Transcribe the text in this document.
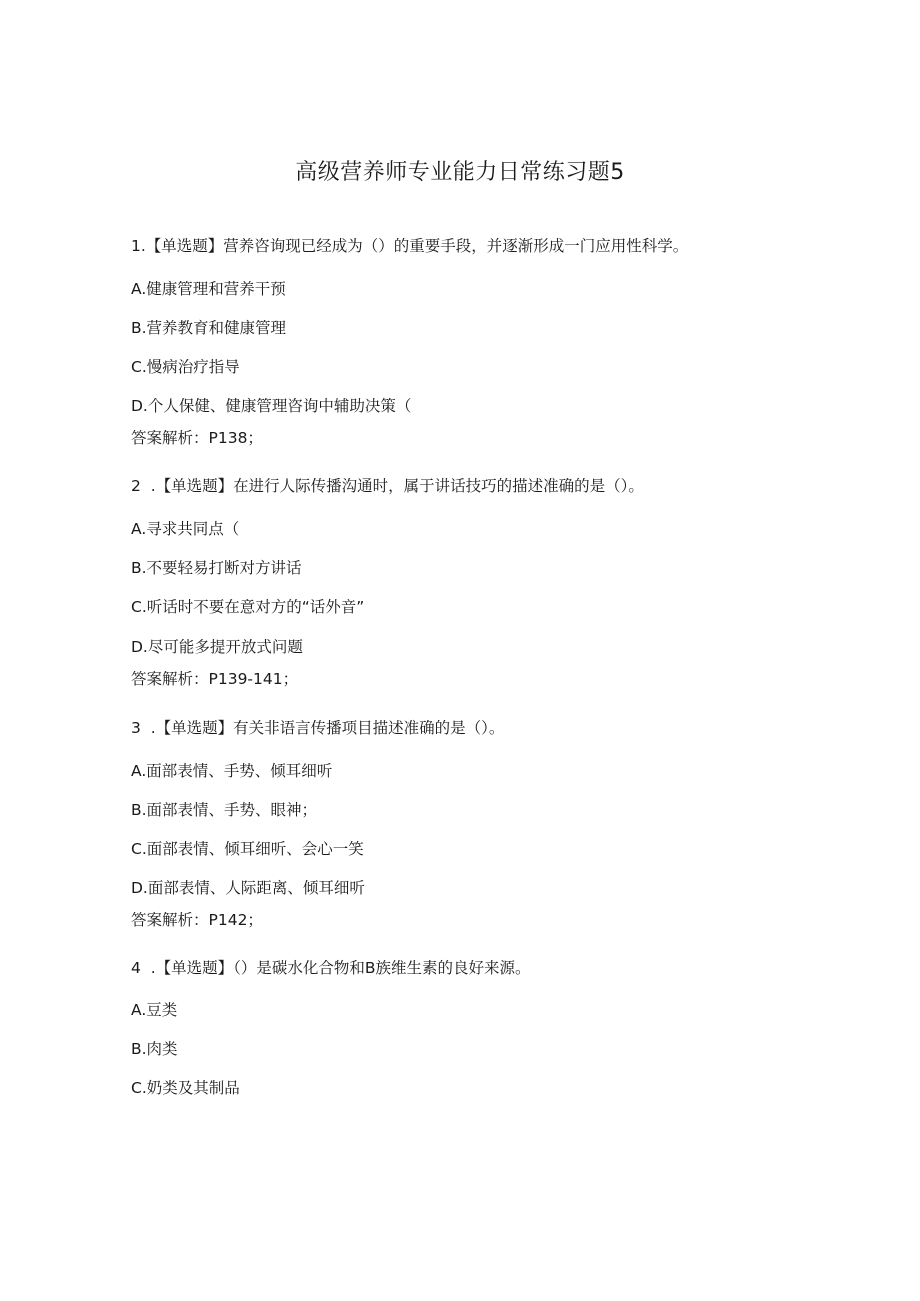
高级营养师专业能力日常练习题5
1.【单选题】营养咨询现已经成为（）的重要手段，并逐渐形成一门应用性科学。
A.健康管理和营养干预
B.营养教育和健康管理
C.慢病治疗指导
D.个人保健、健康管理咨询中辅助决策（
答案解析：P138；
2  .【单选题】在进行人际传播沟通时，属于讲话技巧的描述准确的是（）。
A.寻求共同点（
B.不要轻易打断对方讲话
C.听话时不要在意对方的“话外音”
D.尽可能多提开放式问题
答案解析：P139-141；
3  .【单选题】有关非语言传播项目描述准确的是（）。
A.面部表情、手势、倾耳细听
B.面部表情、手势、眼神；
C.面部表情、倾耳细听、会心一笑
D.面部表情、人际距离、倾耳细听
答案解析：P142；
4  .【单选题】（）是碳水化合物和B族维生素的良好来源。
A.豆类
B.肉类
C.奶类及其制品
